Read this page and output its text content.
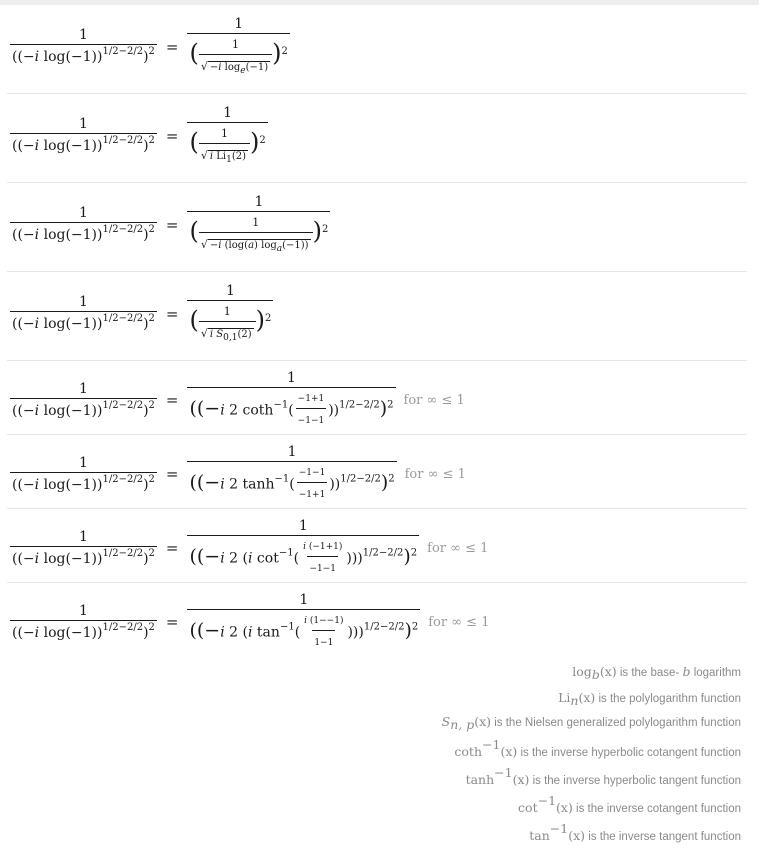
$\frac{1}{((-i \log(-1))^{1/2-2/2})^2} = \frac{1}{( \frac{1}{√ -i \log_e(-1)} )^2}$
$\frac{1}{((-i \log(-1))^{1/2-2/2})^2} = \frac{1}{( \frac{1}{√ i Li_1(2)} )^2}$
$\frac{1}{((-i \log(-1))^{1/2-2/2})^2} = \frac{1}{( \frac{1}{√ -i (\log(a) \log_a(-1))} )^2}$
$\frac{1}{((-i \log(-1))^{1/2-2/2})^2} = \frac{1}{( \frac{1}{√ i S_{0,1}(2)} )^2}$
$\frac{1}{((-i \log(-1))^{1/2-2/2})^2} = \frac{1}{((-i 2 \cot h^{-1}( \frac{-1+1}{-1-1} ))^{1/2-2/2})^2}$ for ∞ ≤ 1
$\frac{1}{((-i \log(-1))^{1/2-2/2})^2} = \frac{1}{((-i 2 \tanh^{-1}( \frac{-1-1}{-1+1} ))^{1/2-2/2})^2}$ for ∞ ≤ 1
$\frac{1}{((-i \log(-1))^{1/2-2/2})^2} = \frac{1}{((-i 2 (i \cot^{-1}( \frac{i (-1+1)}{-1-1} )))^{1/2-2/2})^2}$ for ∞ ≤ 1
$\frac{1}{((-i \log(-1))^{1/2-2/2})^2} = \frac{1}{((-i 2 (i \tan^{-1}( \frac{i (1--1)}{1-1} )))^{1/2-2/2})^2}$ for ∞ ≤ 1
$\log_b(x)$ is the base- b logarithm
$Li_n(x)$ is the polylogarithm function
$S_{n, p}(x)$ is the Nielsen generalized polylogarithm function
coth$^{-1}$(x) is the inverse hyperbolic cotangent function
$\tanh^{-1}(x)$ is the inverse hyperbolic tangent function
$\cot^{-1}(x)$ is the inverse cotangent function
$\tan^{-1}(x)$ is the inverse tangent function
